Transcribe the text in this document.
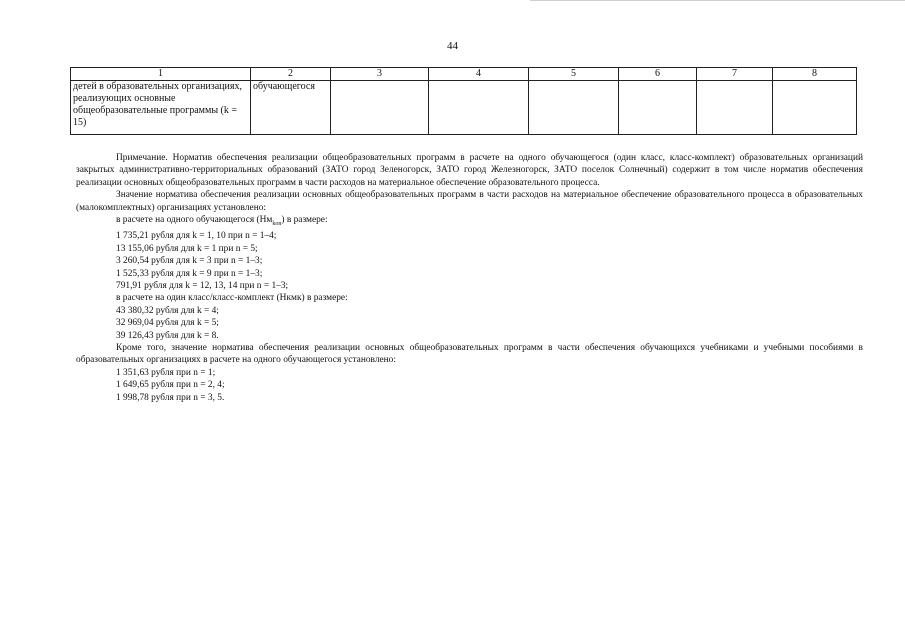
44
1	2	3	4	5	6	7	8
детей в образовательных организациях, реализующих основные общеобразовательные программы (k = 15)	обучающегося						

Примечание. Норматив обеспечения реализации общеобразовательных программ в расчете на одного обучающегося (один класс, класс-комплект) образовательных организаций закрытых административно-территориальных образований (ЗАТО город Зеленогорск, ЗАТО город Железногорск, ЗАТО поселок Солнечный) содержит в том числе норматив обеспечения реализации основных общеобразовательных программ в части расходов на материальное обеспечение образовательного процесса.

Значение норматива обеспечения реализации основных общеобразовательных программ в части расходов на материальное обеспечение образовательного процесса в образовательных (малокомплектных) организациях установлено:

в расчете на одного обучающегося $(Нм_{kon})$ в размере:

1 735,21 рубля для k = 1, 10 при n = 1–4;

13 155,06 рубля для k = 1 при n = 5;

3 260,54 рубля для k = 3 при n = 1–3;

1 525,33 рубля для k = 9 при n = 1–3;

791,91 рубля для k = 12, 13, 14 при n = 1–3;

в расчете на один класс/класс-комплект (Нкмк) в размере:

43 380,32 рубля для k = 4;

32 969,04 рубля для k = 5;

39 126,43 рубля для k = 8.

Кроме того, значение норматива обеспечения реализации основных общеобразовательных программ в части обеспечения обучающихся учебниками и учебными пособиями в образовательных организациях в расчете на одного обучающегося установлено:

1 351,63 рубля при n = 1;

1 649,65 рубля при n = 2, 4;

1 998,78 рубля при n = 3, 5.
